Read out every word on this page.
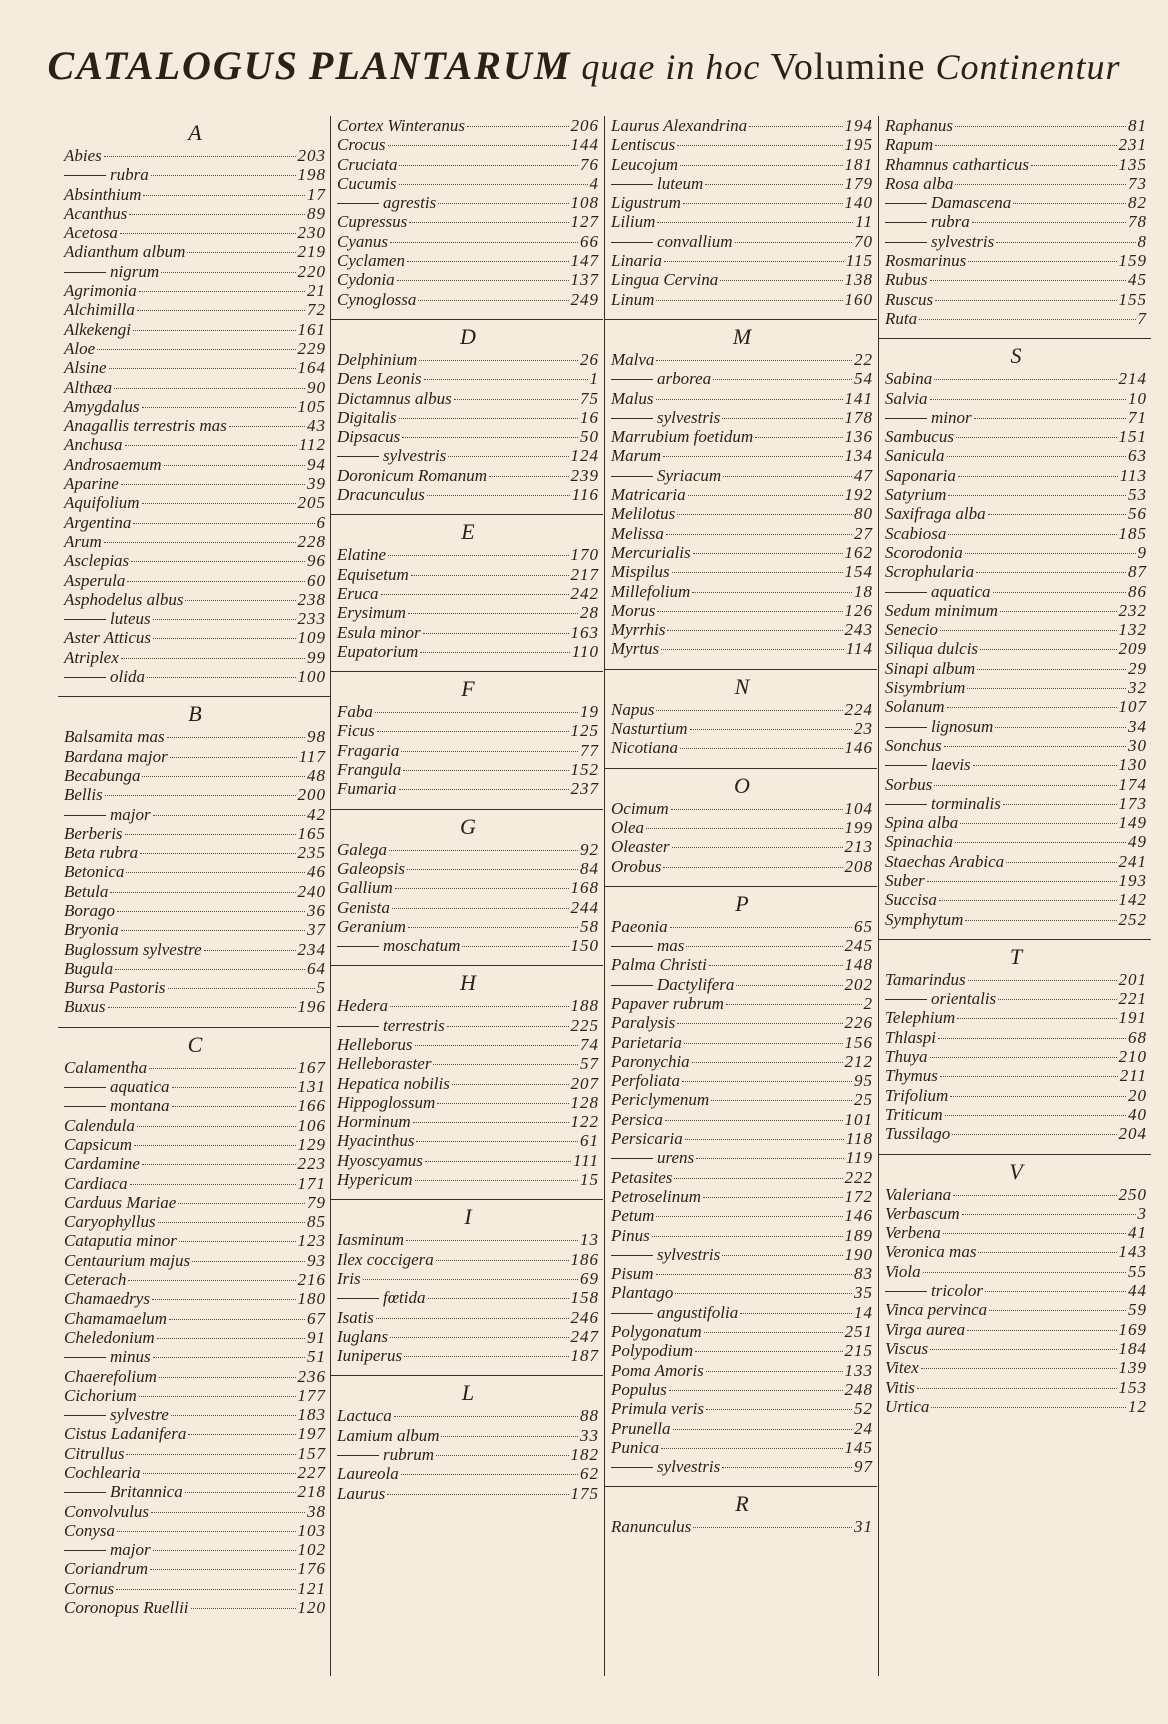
CATALOGUS PLANTARUM quae in hoc Volumine Continentur
A
Abies	203
rubra	198
Absinthium	17
Acanthus	89
Acetosa	230
Adianthum album	219
nigrum	220
Agrimonia	21
Alchimilla	72
Alkekengi	161
Aloe	229
Alsine	164
Althæa	90
Amygdalus	105
Anagallis terrestris mas	43
Anchusa	112
Androsaemum	94
Aparine	39
Aquifolium	205
Argentina	6
Arum	228
Asclepias	96
Asperula	60
Asphodelus albus	238
luteus	233
Aster Atticus	109
Atriplex	99
olida	100
B
Balsamita mas	98
Bardana major	117
Becabunga	48
Bellis	200
major	42
Berberis	165
Beta rubra	235
Betonica	46
Betula	240
Borago	36
Bryonia	37
Buglossum sylvestre	234
Bugula	64
Bursa Pastoris	5
Buxus	196
C
Calamentha	167
aquatica	131
montana	166
Calendula	106
Capsicum	129
Cardamine	223
Cardiaca	171
Carduus Mariae	79
Caryophyllus	85
Cataputia minor	123
Centaurium majus	93
Ceterach	216
Chamaedrys	180
Chamamaelum	67
Cheledonium	91
minus	51
Chaerefolium	236
Cichorium	177
sylvestre	183
Cistus Ladanifera	197
Citrullus	157
Cochlearia	227
Britannica	218
Convolvulus	38
Conysa	103
major	102
Coriandrum	176
Cornus	121
Coronopus Ruellii	120
Cortex Winteranus	206
Crocus	144
Cruciata	76
Cucumis	4
agrestis	108
Cupressus	127
Cyanus	66
Cyclamen	147
Cydonia	137
Cynoglossa	249
D
Delphinium	26
Dens Leonis	1
Dictamnus albus	75
Digitalis	16
Dipsacus	50
sylvestris	124
Doronicum Romanum	239
Dracunculus	116
E
Elatine	170
Equisetum	217
Eruca	242
Erysimum	28
Esula minor	163
Eupatorium	110
F
Faba	19
Ficus	125
Fragaria	77
Frangula	152
Fumaria	237
G
Galega	92
Galeopsis	84
Gallium	168
Genista	244
Geranium	58
moschatum	150
H
Hedera	188
terrestris	225
Helleborus	74
Helleboraster	57
Hepatica nobilis	207
Hippoglossum	128
Horminum	122
Hyacinthus	61
Hyoscyamus	111
Hypericum	15
I
Iasminum	13
Ilex coccigera	186
Iris	69
fœtida	158
Isatis	246
Iuglans	247
Iuniperus	187
L
Lactuca	88
Lamium album	33
rubrum	182
Laureola	62
Laurus	175
Laurus Alexandrina	194
Lentiscus	195
Leucojum	181
luteum	179
Ligustrum	140
Lilium	11
convallium	70
Linaria	115
Lingua Cervina	138
Linum	160
M
Malva	22
arborea	54
Malus	141
sylvestris	178
Marrubium foetidum	136
Marum	134
Syriacum	47
Matricaria	192
Melilotus	80
Melissa	27
Mercurialis	162
Mispilus	154
Millefolium	18
Morus	126
Myrrhis	243
Myrtus	114
N
Napus	224
Nasturtium	23
Nicotiana	146
O
Ocimum	104
Olea	199
Oleaster	213
Orobus	208
P
Paeonia	65
mas	245
Palma Christi	148
Dactylifera	202
Papaver rubrum	2
Paralysis	226
Parietaria	156
Paronychia	212
Perfoliata	95
Periclymenum	25
Persica	101
Persicaria	118
urens	119
Petasites	222
Petroselinum	172
Petum	146
Pinus	189
sylvestris	190
Pisum	83
Plantago	35
angustifolia	14
Polygonatum	251
Polypodium	215
Poma Amoris	133
Populus	248
Primula veris	52
Prunella	24
Punica	145
sylvestris	97
R
Ranunculus	31
Raphanus	81
Rapum	231
Rhamnus catharticus	135
Rosa alba	73
Damascena	82
rubra	78
sylvestris	8
Rosmarinus	159
Rubus	45
Ruscus	155
Ruta	7
S
Sabina	214
Salvia	10
minor	71
Sambucus	151
Sanicula	63
Saponaria	113
Satyrium	53
Saxifraga alba	56
Scabiosa	185
Scorodonia	9
Scrophularia	87
aquatica	86
Sedum minimum	232
Senecio	132
Siliqua dulcis	209
Sinapi album	29
Sisymbrium	32
Solanum	107
lignosum	34
Sonchus	30
laevis	130
Sorbus	174
torminalis	173
Spina alba	149
Spinachia	49
Staechas Arabica	241
Suber	193
Succisa	142
Symphytum	252
T
Tamarindus	201
orientalis	221
Telephium	191
Thlaspi	68
Thuya	210
Thymus	211
Trifolium	20
Triticum	40
Tussilago	204
V
Valeriana	250
Verbascum	3
Verbena	41
Veronica mas	143
Viola	55
tricolor	44
Vinca pervinca	59
Virga aurea	169
Viscus	184
Vitex	139
Vitis	153
Urtica	12
